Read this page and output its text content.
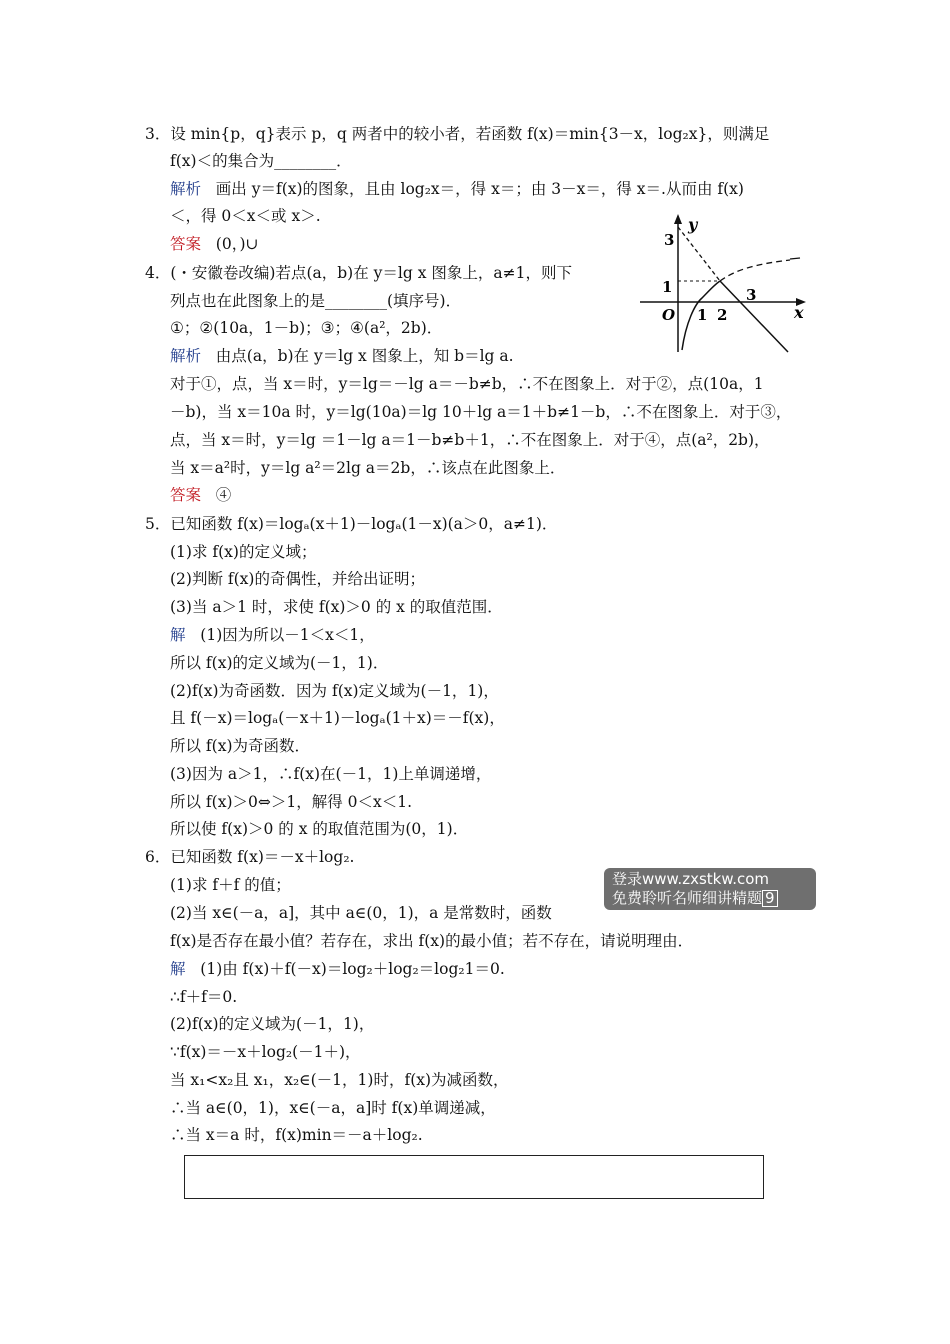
3．设 min{p，q}表示 p，q 两者中的较小者，若函数 f(x)＝min{3－x，log₂x}，则满足
f(x)＜的集合为________．
解析 画出 y＝f(x)的图象，且由 log₂x＝，得 x＝；由 3－x＝，得 x＝.从而由 f(x)
＜，得 0＜x＜或 x＞.
答案 (0，)∪
y
x
O 1 2
3
1
3
4．(・安徽卷改编)若点(a，b)在 y＝lg x 图象上，a≠1，则下
列点也在此图象上的是________(填序号)．
①；②(10a，1－b)；③；④(a²，2b)．
解析 由点(a，b)在 y＝lg x 图象上，知 b＝lg a.
对于①，点，当 x＝时，y＝lg＝－lg a＝－b≠b，∴不在图象上．对于②，点(10a，1
－b)，当 x＝10a 时，y＝lg(10a)＝lg 10＋lg a＝1＋b≠1－b，∴不在图象上．对于③，
点，当 x＝时，y＝lg ＝1－lg a＝1－b≠b＋1，∴不在图象上．对于④，点(a²，2b)，
当 x＝a²时，y＝lg a²＝2lg a＝2b，∴该点在此图象上．
答案 ④
5．已知函数 f(x)＝logₐ(x＋1)－logₐ(1－x)(a＞0，a≠1)．
(1)求 f(x)的定义域；
(2)判断 f(x)的奇偶性，并给出证明；
(3)当 a＞1 时，求使 f(x)＞0 的 x 的取值范围．
解 (1)因为所以－1＜x＜1，
所以 f(x)的定义域为(－1，1)．
(2)f(x)为奇函数．因为 f(x)定义域为(－1，1)，
且 f(－x)＝logₐ(－x＋1)－logₐ(1＋x)＝－f(x)，
所以 f(x)为奇函数．
(3)因为 a＞1，∴f(x)在(－1，1)上单调递增，
所以 f(x)＞0⇔＞1，解得 0＜x＜1.
所以使 f(x)＞0 的 x 的取值范围为(0，1)．
6．已知函数 f(x)＝－x＋log₂.
(1)求 f＋f 的值；
(2)当 x∈(－a，a]，其中 a∈(0，1)，a 是常数时，函数
f(x)是否存在最小值？若存在，求出 f(x)的最小值；若不存在，请说明理由．
解 (1)由 f(x)＋f(－x)＝log₂＋log₂＝log₂1＝0.
∴f＋f＝0.
(2)f(x)的定义域为(－1，1)，
∵f(x)＝－x＋log₂(－1＋)，
当 x₁<x₂且 x₁，x₂∈(－1，1)时，f(x)为减函数，
∴当 a∈(0，1)，x∈(－a，a]时 f(x)单调递减，
∴当 x＝a 时，f(x)min＝－a＋log₂.
登录www.zxstkw.com
免费聆听名师细讲精题 9
